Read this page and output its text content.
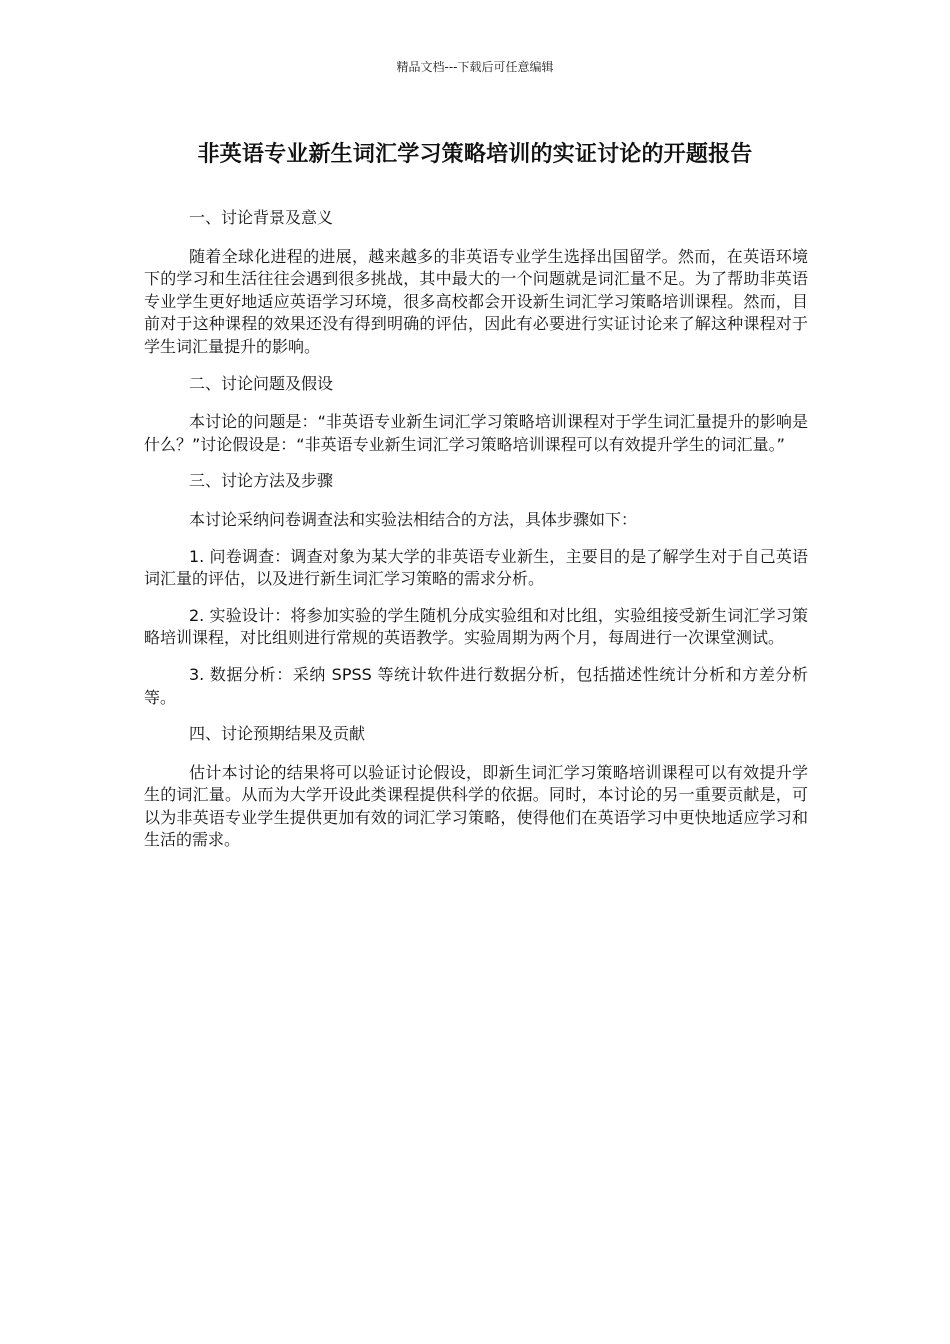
精品文档---下载后可任意编辑
非英语专业新生词汇学习策略培训的实证讨论的开题报告

一、讨论背景及意义

随着全球化进程的进展，越来越多的非英语专业学生选择出国留学。然而，在英语环境下的学习和生活往往会遇到很多挑战，其中最大的一个问题就是词汇量不足。为了帮助非英语专业学生更好地适应英语学习环境，很多高校都会开设新生词汇学习策略培训课程。然而，目前对于这种课程的效果还没有得到明确的评估，因此有必要进行实证讨论来了解这种课程对于学生词汇量提升的影响。

二、讨论问题及假设

本讨论的问题是：“非英语专业新生词汇学习策略培训课程对于学生词汇量提升的影响是什么？”讨论假设是：“非英语专业新生词汇学习策略培训课程可以有效提升学生的词汇量。”

三、讨论方法及步骤

本讨论采纳问卷调查法和实验法相结合的方法，具体步骤如下：

1. 问卷调查：调查对象为某大学的非英语专业新生，主要目的是了解学生对于自己英语词汇量的评估，以及进行新生词汇学习策略的需求分析。

2. 实验设计：将参加实验的学生随机分成实验组和对比组，实验组接受新生词汇学习策略培训课程，对比组则进行常规的英语教学。实验周期为两个月，每周进行一次课堂测试。

3. 数据分析：采纳 SPSS 等统计软件进行数据分析，包括描述性统计分析和方差分析等。

四、讨论预期结果及贡献

估计本讨论的结果将可以验证讨论假设，即新生词汇学习策略培训课程可以有效提升学生的词汇量。从而为大学开设此类课程提供科学的依据。同时，本讨论的另一重要贡献是，可以为非英语专业学生提供更加有效的词汇学习策略，使得他们在英语学习中更快地适应学习和生活的需求。
